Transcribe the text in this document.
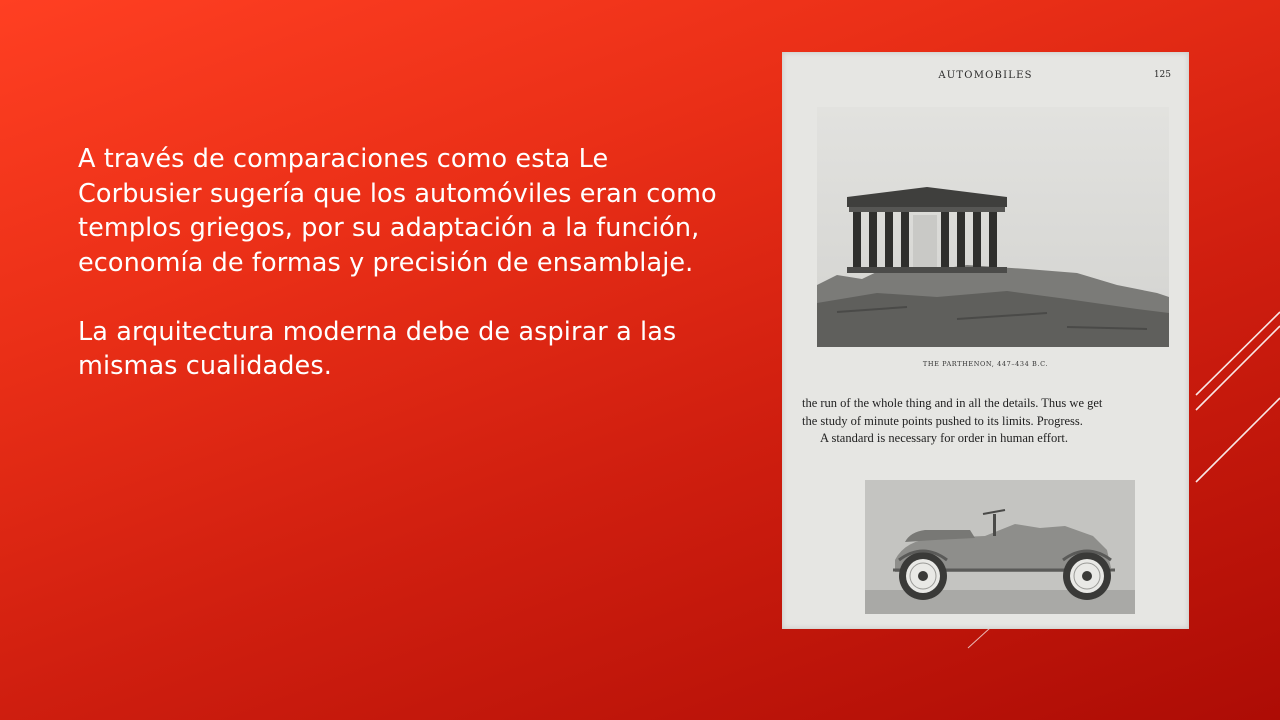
A través de comparaciones como esta Le Corbusier sugería que los automóviles eran como templos griegos, por su adaptación a la función, economía de formas y precisión de ensamblaje.

La arquitectura moderna debe de aspirar a las mismas cualidades.

AUTOMOBILES	125
THE PARTHENON, 447–434 B.C.
the run of the whole thing and in all the details. Thus we get
the study of minute points pushed to its limits. Progress.
A standard is necessary for order in human effort.
